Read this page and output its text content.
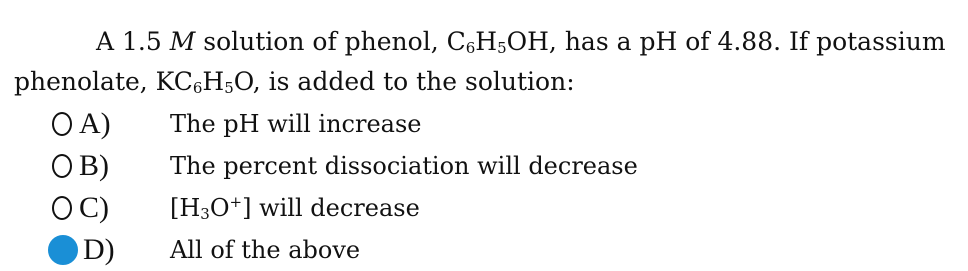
A 1.5 M solution of phenol, $C_6H_5OH$, has a pH of 4.88. If potassium
phenolate, $KC_6H_5O$, is added to the solution:

A) The pH will increase
B)	The percent dissociation will decrease
C)	$[H_3O^+]$ will decrease
D) All of the above
